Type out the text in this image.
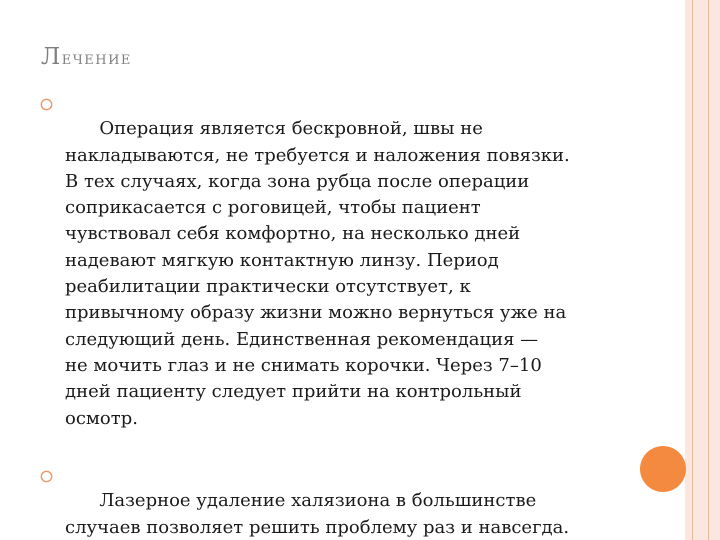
Лечение

Операция является бескровной, швы не
накладываются, не требуется и наложения повязки.
В тех случаях, когда зона рубца после операции
соприкасается с роговицей, чтобы пациент
чувствовал себя комфортно, на несколько дней
надевают мягкую контактную линзу. Период
реабилитации практически отсутствует, к
привычному образу жизни можно вернуться уже на
следующий день. Единственная рекомендация —
не мочить глаз и не снимать корочки. Через 7–10
дней пациенту следует прийти на контрольный
осмотр.

Лазерное удаление халязиона в большинстве
случаев позволяет решить проблему раз и навсегда.
